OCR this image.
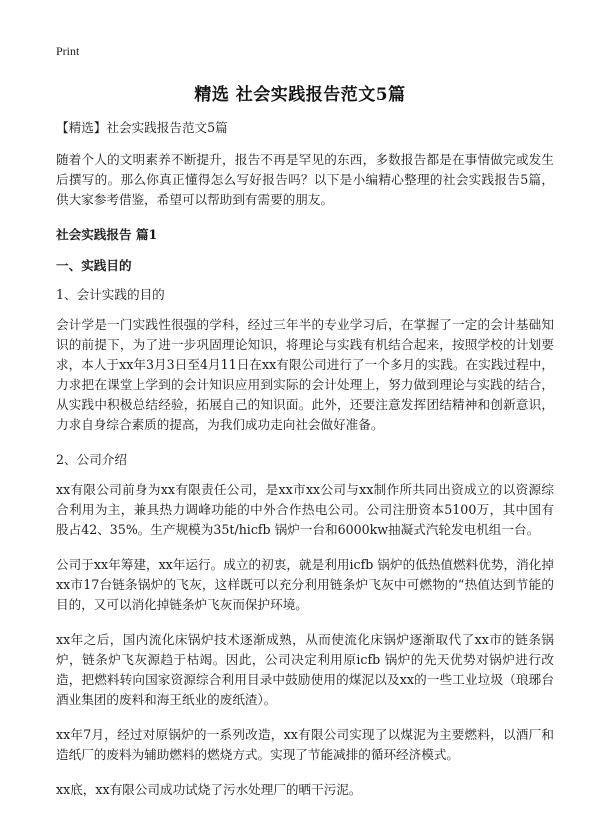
Print
精选 社会实践报告范文5篇

【精选】社会实践报告范文5篇

随着个人的文明素养不断提升，报告不再是罕见的东西，多数报告都是在事情做完或发生后撰写的。那么你真正懂得怎么写好报告吗？以下是小编精心整理的社会实践报告5篇，供大家参考借鉴，希望可以帮助到有需要的朋友。

社会实践报告 篇1

一、实践目的

1、会计实践的目的

会计学是一门实践性很强的学科，经过三年半的专业学习后，在掌握了一定的会计基础知识的前提下，为了进一步巩固理论知识，将理论与实践有机结合起来，按照学校的计划要求，本人于xx年3月3日至4月11日在xx有限公司进行了一个多月的实践。在实践过程中，力求把在课堂上学到的会计知识应用到实际的会计处理上，努力做到理论与实践的结合，从实践中积极总结经验，拓展自己的知识面。此外，还要注意发挥团结精神和创新意识，力求自身综合素质的提高，为我们成功走向社会做好准备。

2、公司介绍

xx有限公司前身为xx有限责任公司，是xx市xx公司与xx制作所共同出资成立的以资源综合利用为主，兼具热力调峰功能的中外合作热电公司。公司注册资本5100万，其中国有股占42、35%。生产规模为35t/hicfb 锅炉一台和6000kw抽凝式汽轮发电机组一台。

公司于xx年筹建，xx年运行。成立的初衷，就是利用icfb 锅炉的低热值燃料优势，消化掉xx市17台链条锅炉的飞灰，这样既可以充分利用链条炉飞灰中可燃物的“热值达到节能的目的，又可以消化掉链条炉飞灰而保护环境。

xx年之后，国内流化床锅炉技术逐渐成熟，从而使流化床锅炉逐渐取代了xx市的链条锅炉，链条炉飞灰源趋于枯竭。因此，公司决定利用原icfb 锅炉的先天优势对锅炉进行改造，把燃料转向国家资源综合利用目录中鼓励使用的煤泥以及xx的一些工业垃圾（琅琊台酒业集团的废料和海王纸业的废纸渣）。

xx年7月，经过对原锅炉的一系列改造，xx有限公司实现了以煤泥为主要燃料，以酒厂和造纸厂的废料为辅助燃料的燃烧方式。实现了节能减排的循环经济模式。

xx底，xx有限公司成功试烧了污水处理厂的晒干污泥。
